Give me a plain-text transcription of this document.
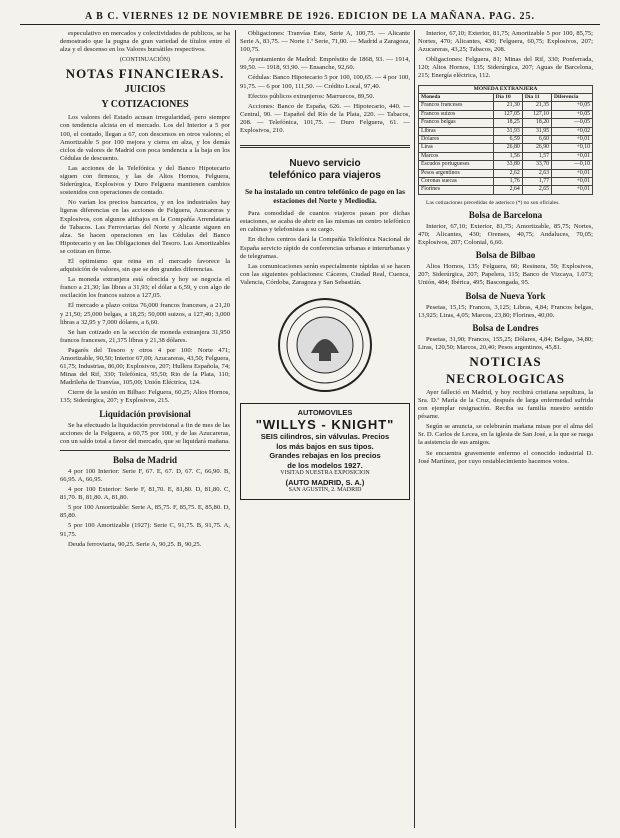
A B C. VIERNES 12 DE NOVIEMBRE DE 1926. EDICION DE LA MAÑANA. PAG. 25.

especulativo en mercados y colectividades de publicos, se ha demostrado que la pugna de gran variedad de títulos entre el alza y el descenso en los Valores bursátiles respectivos.

(CONTINUACIÓN)
NOTAS FINANCIERAS.
JUICIOS
Y COTIZACIONES

Los valores del Estado acusan irregularidad, pero siempre con tendencia alcista en el mercado. Los del Interior a 5 por 100, el contado, llegan a 67, con descensos en otros valores; el Amortizable 5 por 100 mejora y cierra en alza, y los demás ciclos de valores de Madrid con poca tendencia a la baja en los Cédulas de descuento.

Las acciones de la Telefónica y del Banco Hipotecario siguen con firmeza, y las de Altos Hornos, Felguera, Siderúrgica, Explosivos y Duro Felguera mantienen cambios sostenidos con operaciones de contado.

No varían los precios bancarios, y en los industriales hay ligeras diferencias en las acciones de Felguera, Azucareras y Explosivos, con algunos altibajos en la Compañía Arrendataria de Tabacos. Las Ferroviarias del Norte y Alicante siguen en alza. Se hacen operaciones en las Cédulas del Banco Hipotecario y en las Obligaciones del Tesoro. Las Amortizables se cotizan en firme.

El optimismo que reina en el mercado favorece la adquisición de valores, sin que se den grandes diferencias.

La moneda extranjera está ofrecida y hoy se negocia el franco a 21,30; las libras a 31,93; el dólar a 6,59, y con algo de oscilación los francos suizos a 127,05.

El mercado a plazo cotiza 76,000 francos franceses, a 21,20 y 21,50; 25,000 belgas, a 18,25; 50,000 suizos, a 127,40; 3,000 libras a 32,95 y 7,000 dólares, a 6,60.

Se han cotizado en la sección de moneda extranjera 31,950 francos franceses, 21,375 libras y 21,38 dólares.

Pagarés del Tesoro y otros 4 por 100: Norte 471; Amortizable, 90,50; Interior 67,00; Azucareras, 43,50; Felguera, 61,75; Industrias, 86,00; Explosivos, 207; Hullera Española, 74; Minas del Rif, 330; Telefónica, 95,50; Rio de la Plata, 110; Madrileña de Tranvías, 105,00; Unión Eléctrica, 124.

Cierre de la sesión en Bilbao: Felguera, 60,25; Altos Hornos, 135; Siderúrgica, 207; y Explosivos, 215.

Liquidación provisional

Se ha efectuado la liquidación provisional a fin de mes de las acciones de la Felguera, a 60,75 por 100, y de las Azucareras, con un saldo total a favor del mercado, que se liquidará mañana.

Bolsa de Madrid

4 por 100 Interior: Serie F, 67. E, 67. D, 67. C, 66,90. B, 66,95. A, 66,95.

4 por 100 Exterior: Serie F, 81,70. E, 81,80. D, 81,80. C, 81,70. B, 81,80. A, 81,80.

5 por 100 Amortizable: Serie A, 85,75. F, 85,75. E, 85,80. D, 85,80.

5 por 100 Amortizable (1927): Serie C, 91,75. B, 91,75. A, 91,75.

Deuda ferroviaria, 90,25. Serie A, 90,25. B, 90,25.

Obligaciones: Tranvías Este, Serie A, 100,75. — Alicante Serie A, 83,75. — Norte 1.ª Serie, 71,00. — Madrid a Zaragoza, 100,75.

Ayuntamiento de Madrid: Empréstito de 1868, 93. — 1914, 99,50. — 1918, 93,90. — Ensanche, 92,60.

Cédulas: Banco Hipotecario 5 por 100, 100,65. — 4 por 100, 91,75. — 6 por 100, 111,50. — Crédito Local, 97,40.

Efectos públicos extranjeros: Marruecos, 89,50.

Acciones: Banco de España, 626. — Hipotecario, 440. — Central, 90. — Español del Río de la Plata, 220. — Tabacos, 208. — Telefónica, 101,75. — Duro Felguera, 61. — Explosivos, 210.

Nuevo servicio
telefónico para viajeros
Se ha instalado un centro telefónico de pago en las estaciones del Norte y Mediodía.

Para comodidad de cuantos viajeros pasan por dichas estaciones, se acaba de abrir en las mismas un centro telefónico en cabinas y telefonistas a su cargo.

En dichos centros dará la Compañía Telefónica Nacional de España servicio rápido de conferencias urbanas e interurbanas y de telegramas.

Las comunicaciones serán especialmente rápidas si se hacen con las siguientes poblaciones: Cáceres, Ciudad Real, Cuenca, Valencia, Córdoba, Zaragoza y San Sebastián.

AUTOMOVILES
"WILLYS - KNIGHT"
SEIS cilindros, sin válvulas. Precios
los más bajos en sus tipos.
Grandes rebajas en los precios
de los modelos 1927.
VISITAD NUESTRA EXPOSICION
(AUTO MADRID, S. A.)
SAN AGUSTÍN, 2. MADRID

Interior, 67,10; Exterior, 81,75; Amortizable 5 por 100, 85,75; Nortes, 470; Alicantes, 430; Felguera, 60,75; Explosivos, 207; Azucareras, 43,25; Tabacos, 208.

Obligaciones: Felguera, 81; Minas del Rif, 330; Ponferrada, 120; Altos Hornos, 135; Siderúrgica, 207; Aguas de Barcelona, 215; Energía eléctrica, 112.

MONEDA EXTRANJERA			
Moneda	Día 10	Día 11	Diferencia
Francos franceses	21,30	21,35	+0,05
Francos suizos	127,05	127,10	+0,05
Francos belgas	18,25	18,20	—0,05
Libras	31,93	31,95	+0,02
Dólares	6,59	6,60	+0,01
Liras	26,80	26,90	+0,10
Marcos	1,56	1,57	+0,01
Escudos portugueses	33,80	33,70	—0,10
Pesos argentinos	2,62	2,63	+0,01
Coronas suecas	1,76	1,77	+0,01
Florines	2,64	2,65	+0,01

Las cotizaciones precedidas de asterisco (*) no son oficiales.

Bolsa de Barcelona

Interior, 67,10; Exterior, 81,75; Amortizable, 85,75; Nortes, 470; Alicantes, 430; Orenses, 40,75; Andaluces, 70,05; Explosivos, 207; Colonial, 6,60.

Bolsa de Bilbao

Altos Hornos, 135; Felguera, 60; Resinera, 59; Explosivos, 207; Siderúrgica, 207; Papelera, 115; Banco de Vizcaya, 1.073; Unión, 484; Ibérica, 495; Bascongada, 95.

Bolsa de Nueva York

Pesetas, 15,15; Francos, 3,125; Libras, 4,84; Francos belgas, 13,925; Liras, 4,05; Marcos, 23,80; Florines, 40,00.

Bolsa de Londres

Pesetas, 31,90; Francos, 155,25; Dólares, 4,84; Belgas, 34,80; Liras, 120,50; Marcos, 20,40; Pesos argentinos, 45,81.

NOTICIAS
NECROLOGICAS

Ayer falleció en Madrid, y hoy recibirá cristiana sepultura, la Sra. D.ª María de la Cruz, después de larga enfermedad sufrida con ejemplar resignación. Reciba su familia nuestro sentido pésame.

Según se anuncia, se celebrarán mañana misas por el alma del Sr. D. Carlos de Lecea, en la iglesia de San José, a la que se ruega la asistencia de sus amigos.

Se encuentra gravemente enfermo el conocido industrial D. José Martínez, por cuyo restablecimiento hacemos votos.
